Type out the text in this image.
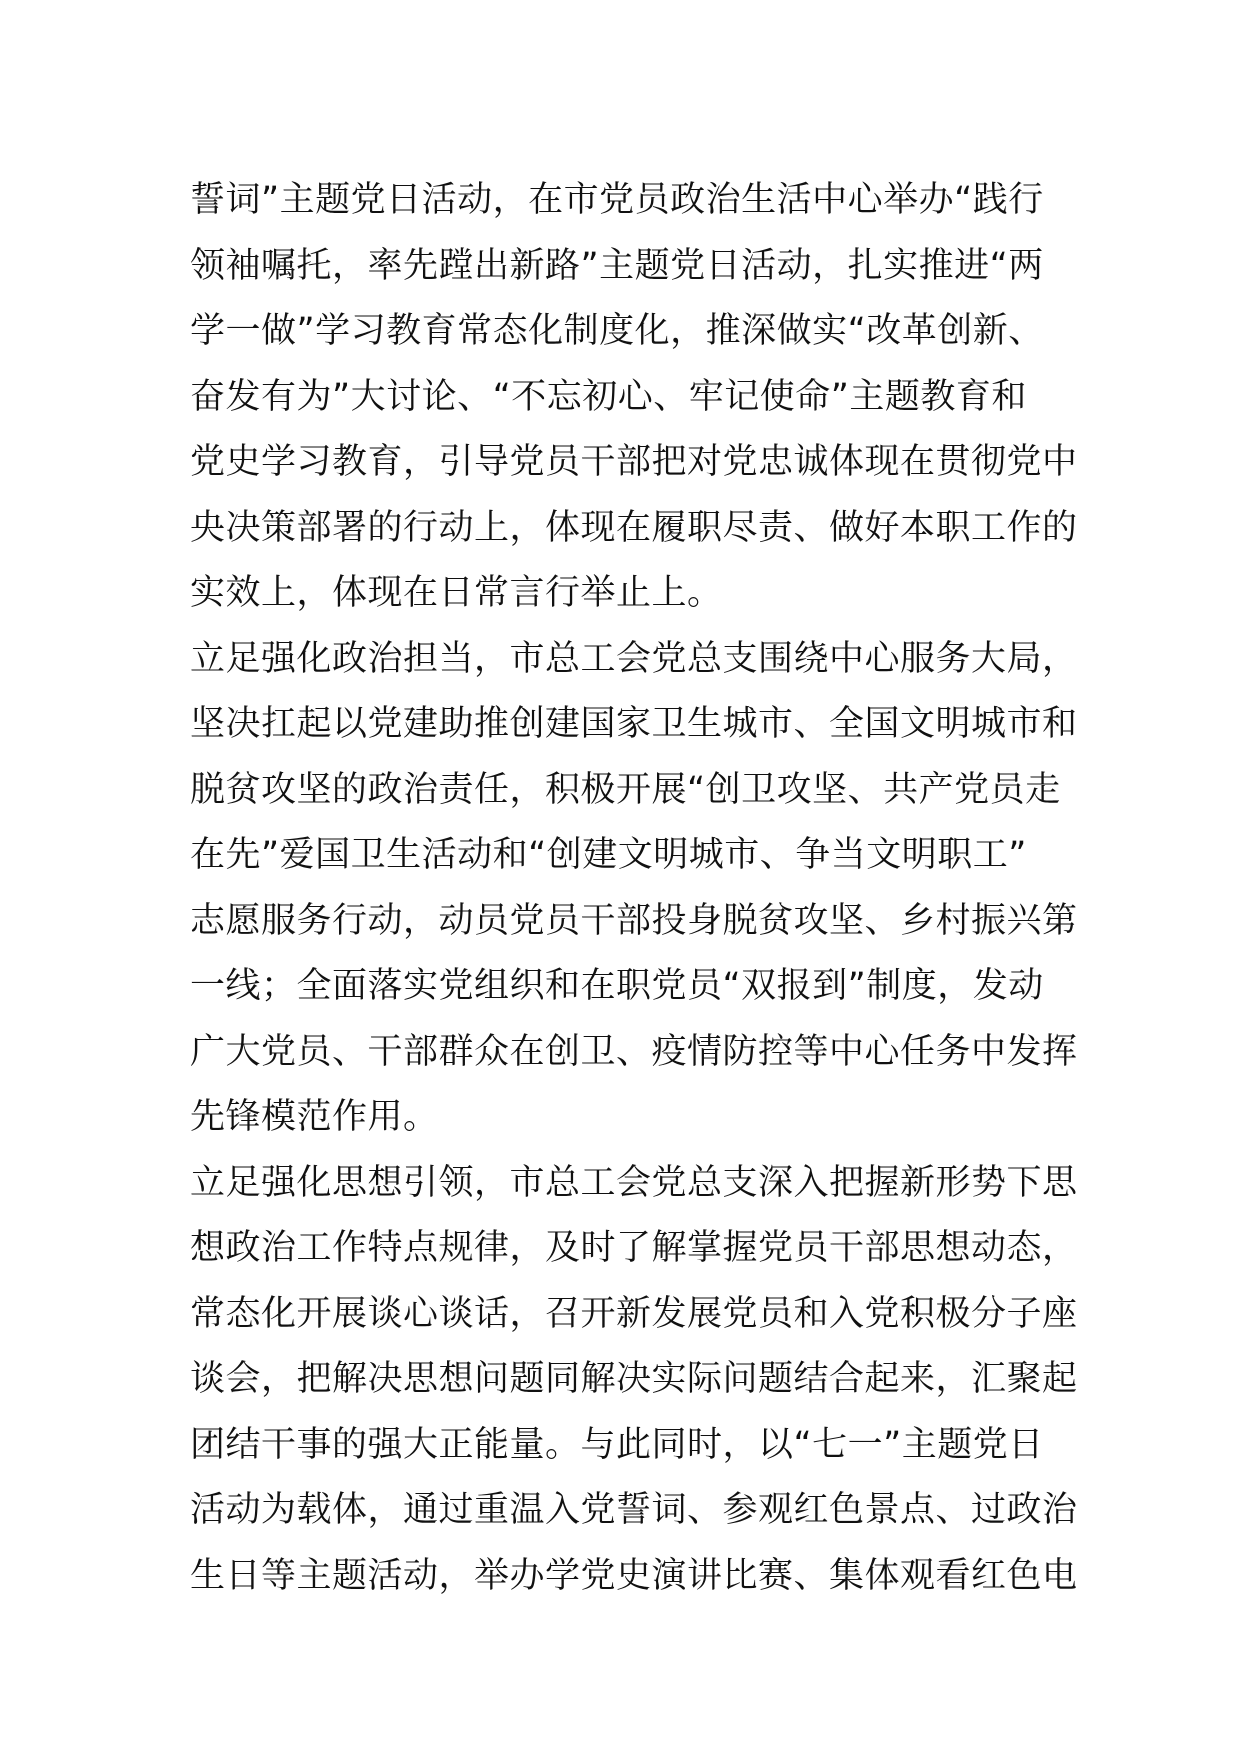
誓词”主题党日活动，在市党员政治生活中心举办“践行
领袖嘱托，率先蹚出新路”主题党日活动，扎实推进“两
学一做”学习教育常态化制度化，推深做实“改革创新、
奋发有为”大讨论、“不忘初心、牢记使命”主题教育和
党史学习教育，引导党员干部把对党忠诚体现在贯彻党中
央决策部署的行动上，体现在履职尽责、做好本职工作的
实效上，体现在日常言行举止上。
立足强化政治担当，市总工会党总支围绕中心服务大局，
坚决扛起以党建助推创建国家卫生城市、全国文明城市和
脱贫攻坚的政治责任，积极开展“创卫攻坚、共产党员走
在先”爱国卫生活动和“创建文明城市、争当文明职工”
志愿服务行动，动员党员干部投身脱贫攻坚、乡村振兴第
一线；全面落实党组织和在职党员“双报到”制度，发动
广大党员、干部群众在创卫、疫情防控等中心任务中发挥
先锋模范作用。
立足强化思想引领，市总工会党总支深入把握新形势下思
想政治工作特点规律，及时了解掌握党员干部思想动态，
常态化开展谈心谈话，召开新发展党员和入党积极分子座
谈会，把解决思想问题同解决实际问题结合起来，汇聚起
团结干事的强大正能量。与此同时，以“七一”主题党日
活动为载体，通过重温入党誓词、参观红色景点、过政治
生日等主题活动，举办学党史演讲比赛、集体观看红色电
